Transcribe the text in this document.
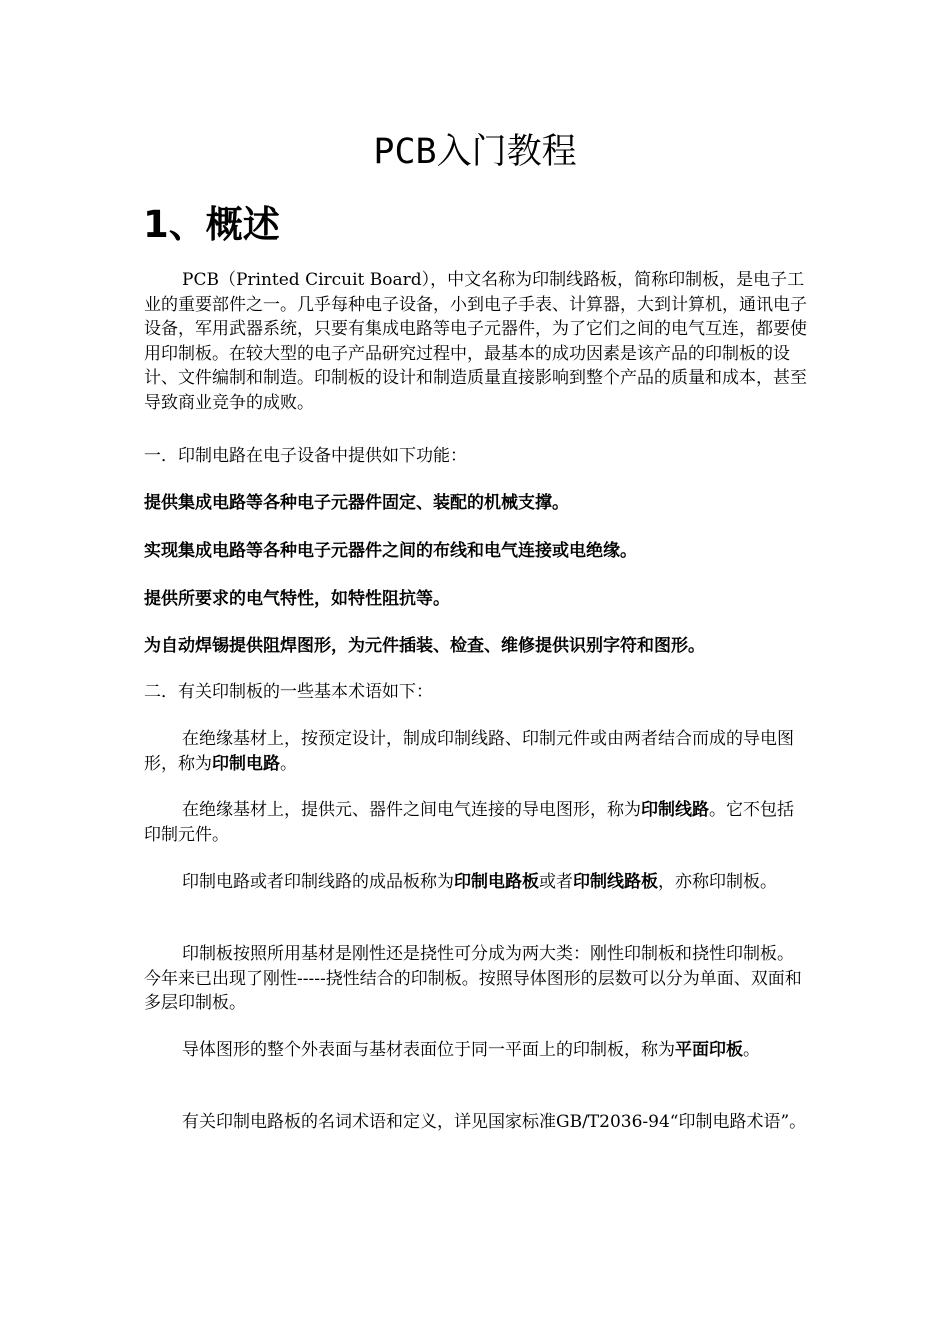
PCB入门教程
1、概述

PCB（Printed Circuit Board），中文名称为印制线路板，简称印制板，是电子工业的重要部件之一。几乎每种电子设备，小到电子手表、计算器，大到计算机，通讯电子设备，军用武器系统，只要有集成电路等电子元器件，为了它们之间的电气互连，都要使用印制板。在较大型的电子产品研究过程中，最基本的成功因素是该产品的印制板的设计、文件编制和制造。印制板的设计和制造质量直接影响到整个产品的质量和成本，甚至导致商业竞争的成败。

一．印制电路在电子设备中提供如下功能：

提供集成电路等各种电子元器件固定、装配的机械支撑。

实现集成电路等各种电子元器件之间的布线和电气连接或电绝缘。

提供所要求的电气特性，如特性阻抗等。

为自动焊锡提供阻焊图形，为元件插装、检查、维修提供识别字符和图形。

二．有关印制板的一些基本术语如下：

在绝缘基材上，按预定设计，制成印制线路、印制元件或由两者结合而成的导电图形，称为印制电路。

在绝缘基材上，提供元、器件之间电气连接的导电图形，称为印制线路。它不包括印制元件。

印制电路或者印制线路的成品板称为印制电路板或者印制线路板，亦称印制板。

印制板按照所用基材是刚性还是挠性可分成为两大类：刚性印制板和挠性印制板。今年来已出现了刚性-----挠性结合的印制板。按照导体图形的层数可以分为单面、双面和多层印制板。

导体图形的整个外表面与基材表面位于同一平面上的印制板，称为平面印板。

有关印制电路板的名词术语和定义，详见国家标准GB/T2036-94“印制电路术语”。
